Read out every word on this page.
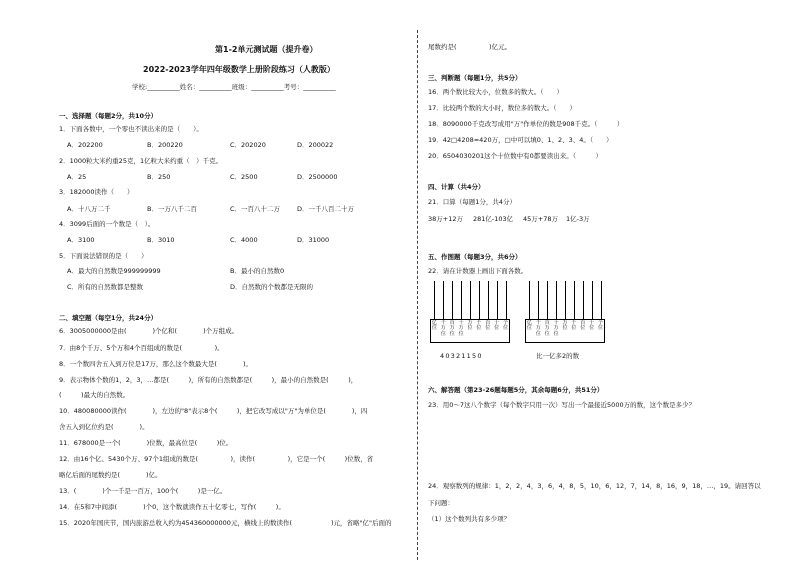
第1-2单元测试题（提升卷）
2022-2023学年四年级数学上册阶段练习（人教版）
学校:__________姓名：__________班级：__________考号：__________
一、选择题（每题2分，共10分）
1．下面各数中，一个零也不读出来的是（　　）。
A．202200	B．200220	C．202020	D．200022
2．1000粒大米约重25克，1亿粒大米约重（　）千克。
A．25	B．250	C．2500	D．2500000
3．182000读作（　　）
A．十八万二千	B．一万八千二百	C．一百八十二万	D．一千八百二十万
4．3099后面的一个数是（　）。
A．3100	B．3010	C．4000	D．31000
5．下面说法错误的是（　　）
A．最大的自然数是999999999	B．最小的自然数0
C．所有的自然数都是整数	D．自然数的个数都是无限的
二、填空题（每空1分，共24分）
6．3005000000是由(　　　　)个亿和(　　　　)个万组成。
7．由8个千万、5个万和4个百组成的数是(　　　　　)。
8．一个数四舍五入到万位是17万，那么这个数最大是(　　　　)。
9．表示物体个数的1，2，3，…都是(　　　)，所有的自然数都是(　　　)，最小的自然数是(　　　)，
(　　　)最大的自然数。
10．480080000读作(　　　　)，左边的"8"表示8个(　　　)，把它改写成以"万"为单位是(　　　　)，四
舍五入到亿位约是(　　　　)。
11．678000是一个(　　　　)位数，最高位是(　　　)位。
12．由16个亿、5430个万、97个1组成的数是(　　　　　)，读作(　　　　　)，它是一个(　　　)位数，省
略亿后面的尾数约是(　　　　)亿。
13．(　　　　)个一千是一百万，100个(　　　)是一亿。
14．在5和7中间添(　　　　)个0，这个数就读作五十亿零七，写作(　　　)。
15．2020年国庆节，国内旅游总收入约为454360000000元，横线上的数读作(　　　　　　)元，省略"亿"后面的
尾数约是(　　　　　)亿元。
三、判断题（每题1分，共5分）
16．两个数比较大小，位数多的数大。（　　）
17．比较两个数的大小时，数位多的数大。（　　）
18．8090000千克改写成用"万"作单位的数是908千克。（　　　）
19．42□4208≈420万，□中可以填0、1、2、3、4。（　　）
20．6504030201这个十位数中有0都要读出来。（　　　）
四、计算（共4分）
21．口算（每题1分，共4分）
38万+12万 281亿-103亿 45万+78万 1亿-3万
五、作图题（每题3分，共6分）
22．请在计数器上画出下面各数。
亿
位
千
万
位
百
万
位
十
万
位
万
位
千
位
百
位
十
位
个
位
40321150
亿
位
千
万
位
百
万
位
十
万
位
万
位
千
位
百
位
十
位
个
位
比一亿多2的数
六、解答题（第23-26题每题5分，其余每题6分，共51分）
23．用0～7这八个数字（每个数字只用一次）写出一个最接近5000万的数，这个数是多少？
24．观察数列的规律：1，2，2，4，3，6，4，8，5，10，6，12，7，14，8，16，9，18，…，19。请回答以
下问题：
（1）这个数列共有多少项？
